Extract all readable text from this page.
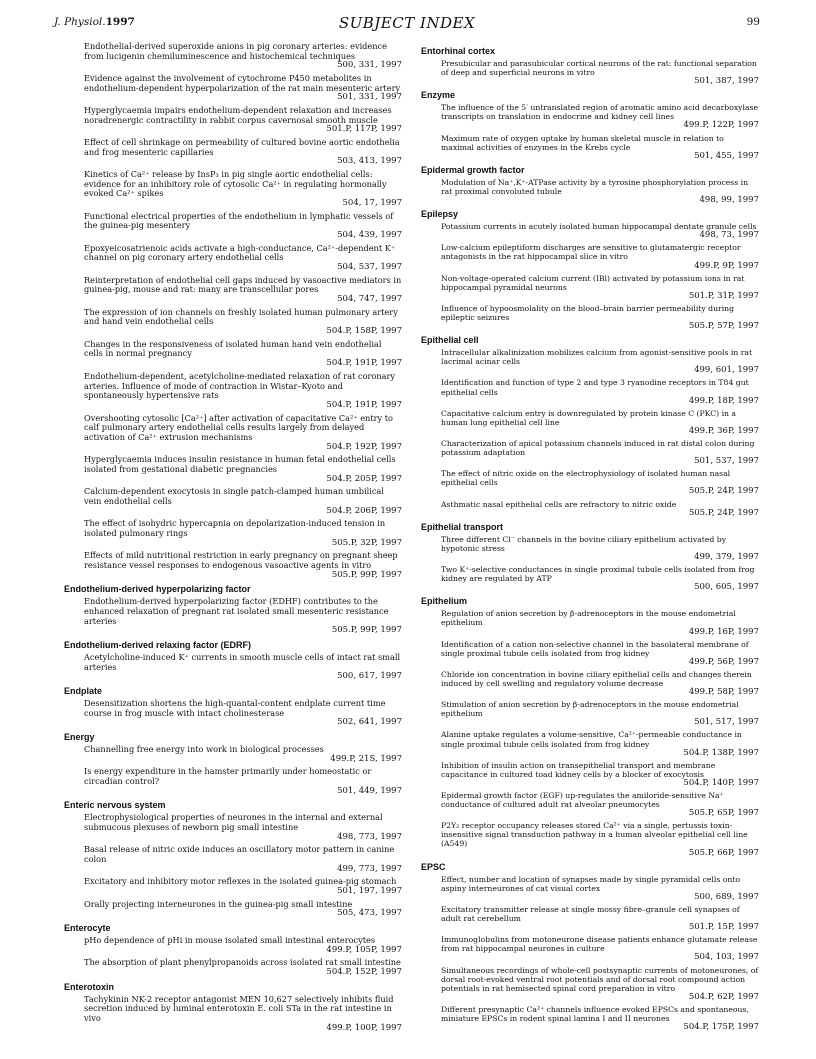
J. Physiol.1997	SUBJECT INDEX	99
Endothelial-derived superoxide anions in pig coronary arteries: evidence from lucigenin chemiluminescence and histochemical techniques
500, 331, 1997
Evidence against the involvement of cytochrome P450 metabolites in endothelium-dependent hyperpolarization of the rat main mesenteric artery
501, 331, 1997
Hyperglycaemia impairs endothelium-dependent relaxation and increases noradrenergic contractility in rabbit corpus cavernosal smooth muscle
501.P, 117P, 1997
Effect of cell shrinkage on permeability of cultured bovine aortic endothelia and frog mesenteric capillaries
503, 413, 1997
Kinetics of Ca²⁺ release by InsP₃ in pig single aortic endothelial cells: evidence for an inhibitory role of cytosolic Ca²⁺ in regulating hormonally evoked Ca²⁺ spikes
504, 17, 1997
Functional electrical properties of the endothelium in lymphatic vessels of the guinea-pig mesentery
504, 439, 1997
Epoxyeicosatrienoic acids activate a high-conductance, Ca²⁺-dependent K⁺ channel on pig coronary artery endothelial cells
504, 537, 1997
Reinterpretation of endothelial cell gaps induced by vasoactive mediators in guinea-pig, mouse and rat: many are transcellular pores
504, 747, 1997
The expression of ion channels on freshly isolated human pulmonary artery and hand vein endothelial cells
504.P, 158P, 1997
Changes in the responsiveness of isolated human hand vein endothelial cells in normal pregnancy
504.P, 191P, 1997
Endothelium-dependent, acetylcholine-mediated relaxation of rat coronary arteries. Influence of mode of contraction in Wistar–Kyoto and spontaneously hypertensive rats
504.P, 191P, 1997
Overshooting cytosolic [Ca²⁺] after activation of capacitative Ca²⁺ entry to calf pulmonary artery endothelial cells results largely from delayed activation of Ca²⁺ extrusion mechanisms
504.P, 192P, 1997
Hyperglycaemia induces insulin resistance in human fetal endothelial cells isolated from gestational diabetic pregnancies
504.P, 205P, 1997
Calcium-dependent exocytosis in single patch-clamped human umbilical vein endothelial cells
504.P, 206P, 1997
The effect of isohydric hypercapnia on depolarization-induced tension in isolated pulmonary rings
505.P, 32P, 1997
Effects of mild nutritional restriction in early pregnancy on pregnant sheep resistance vessel responses to endogenous vasoactive agents in vitro
505.P, 99P, 1997
Endothelium-derived hyperpolarizing factor
Endothelium-derived hyperpolarizing factor (EDHF) contributes to the enhanced relaxation of pregnant rat isolated small mesenteric resistance arteries
505.P, 99P, 1997
Endothelium-derived relaxing factor (EDRF)
Acetylcholine-induced K⁺ currents in smooth muscle cells of intact rat small arteries
500, 617, 1997
Endplate
Desensitization shortens the high-quantal-content endplate current time course in frog muscle with intact cholinesterase
502, 641, 1997
Energy
Channelling free energy into work in biological processes
499.P, 21S, 1997
Is energy expenditure in the hamster primarily under homeostatic or circadian control?
501, 449, 1997
Enteric nervous system
Electrophysiological properties of neurones in the internal and external submucous plexuses of newborn pig small intestine
498, 773, 1997
Basal release of nitric oxide induces an oscillatory motor pattern in canine colon
499, 773, 1997
Excitatory and inhibitory motor reflexes in the isolated guinea-pig stomach
501, 197, 1997
Orally projecting interneurones in the guinea-pig small intestine
505, 473, 1997
Enterocyte
pHo dependence of pHi in mouse isolated small intestinal enterocytes
499.P, 105P, 1997
The absorption of plant phenylpropanoids across isolated rat small intestine
504.P, 152P, 1997
Enterotoxin
Tachykinin NK-2 receptor antagonist MEN 10,627 selectively inhibits fluid secretion induced by luminal enterotoxin E. coli STa in the rat intestine in vivo
499.P, 100P, 1997
Entorhinal cortex
Presubicular and parasubicular cortical neurons of the rat: functional separation of deep and superficial neurons in vitro
501, 387, 1997
Enzyme
The influence of the 5′ untranslated region of aromatic amino acid decarboxylase transcripts on translation in endocrine and kidney cell lines
499.P, 122P, 1997
Maximum rate of oxygen uptake by human skeletal muscle in relation to maximal activities of enzymes in the Krebs cycle
501, 455, 1997
Epidermal growth factor
Modulation of Na⁺,K⁺-ATPase activity by a tyrosine phosphorylation process in rat proximal convoluted tubule
498, 99, 1997
Epilepsy
Potassium currents in acutely isolated human hippocampal dentate granule cells
498, 73, 1997
Low-calcium epileptiform discharges are sensitive to glutamatergic receptor antagonists in the rat hippocampal slice in vitro
499.P, 9P, 1997
Non-voltage-operated calcium current (IBl) activated by potassium ions in rat hippocampal pyramidal neurons
501.P, 31P, 1997
Influence of hypoosmolality on the blood–brain barrier permeability during epileptic seizures
505.P, 57P, 1997
Epithelial cell
Intracellular alkalinization mobilizes calcium from agonist-sensitive pools in rat lacrimal acinar cells
499, 601, 1997
Identification and function of type 2 and type 3 ryanodine receptors in T84 gut epithelial cells
499.P, 18P, 1997
Capacitative calcium entry is downregulated by protein kinase C (PKC) in a human lung epithelial cell line
499.P, 36P, 1997
Characterization of apical potassium channels induced in rat distal colon during potassium adaptation
501, 537, 1997
The effect of nitric oxide on the electrophysiology of isolated human nasal epithelial cells
505.P, 24P, 1997
Asthmatic nasal epithelial cells are refractory to nitric oxide
505.P, 24P, 1997
Epithelial transport
Three different Cl⁻ channels in the bovine ciliary epithelium activated by hypotonic stress
499, 379, 1997
Two K⁺-selective conductances in single proximal tubule cells isolated from frog kidney are regulated by ATP
500, 605, 1997
Epithelium
Regulation of anion secretion by β-adrenoceptors in the mouse endometrial epithelium
499.P, 16P, 1997
Identification of a cation non-selective channel in the basolateral membrane of single proximal tubule cells isolated from frog kidney
499.P, 56P, 1997
Chloride ion concentration in bovine ciliary epithelial cells and changes therein induced by cell swelling and regulatory volume decrease
499.P, 58P, 1997
Stimulation of anion secretion by β-adrenoceptors in the mouse endometrial epithelium
501, 517, 1997
Alanine uptake regulates a volume-sensitive, Ca²⁺-permeable conductance in single proximal tubule cells isolated from frog kidney
504.P, 138P, 1997
Inhibition of insulin action on transepithelial transport and membrane capacitance in cultured toad kidney cells by a blocker of exocytosis
504.P, 140P, 1997
Epidermal growth factor (EGF) up-regulates the amiloride-sensitive Na⁺ conductance of cultured adult rat alveolar pneumocytes
505.P, 65P, 1997
P2Y₂ receptor occupancy releases stored Ca²⁺ via a single, pertussis toxin-insensitive signal transduction pathway in a human alveolar epithelial cell line (A549)
505.P, 66P, 1997
EPSC
Effect, number and location of synapses made by single pyramidal cells onto aspiny interneurones of cat visual cortex
500, 689, 1997
Excitatory transmitter release at single mossy fibre–granule cell synapses of adult rat cerebellum
501.P, 15P, 1997
Immunoglobulins from motoneurone disease patients enhance glutamate release from rat hippocampal neurones in culture
504, 103, 1997
Simultaneous recordings of whole-cell postsynaptic currents of motoneurones, of dorsal root-evoked ventral root potentials and of dorsal root compound action potentials in rat hemisected spinal cord preparation in vitro
504.P, 62P, 1997
Different presynaptic Ca²⁺ channels influence evoked EPSCs and spontaneous, miniature EPSCs in rodent spinal lamina I and II neurones
504.P, 175P, 1997
